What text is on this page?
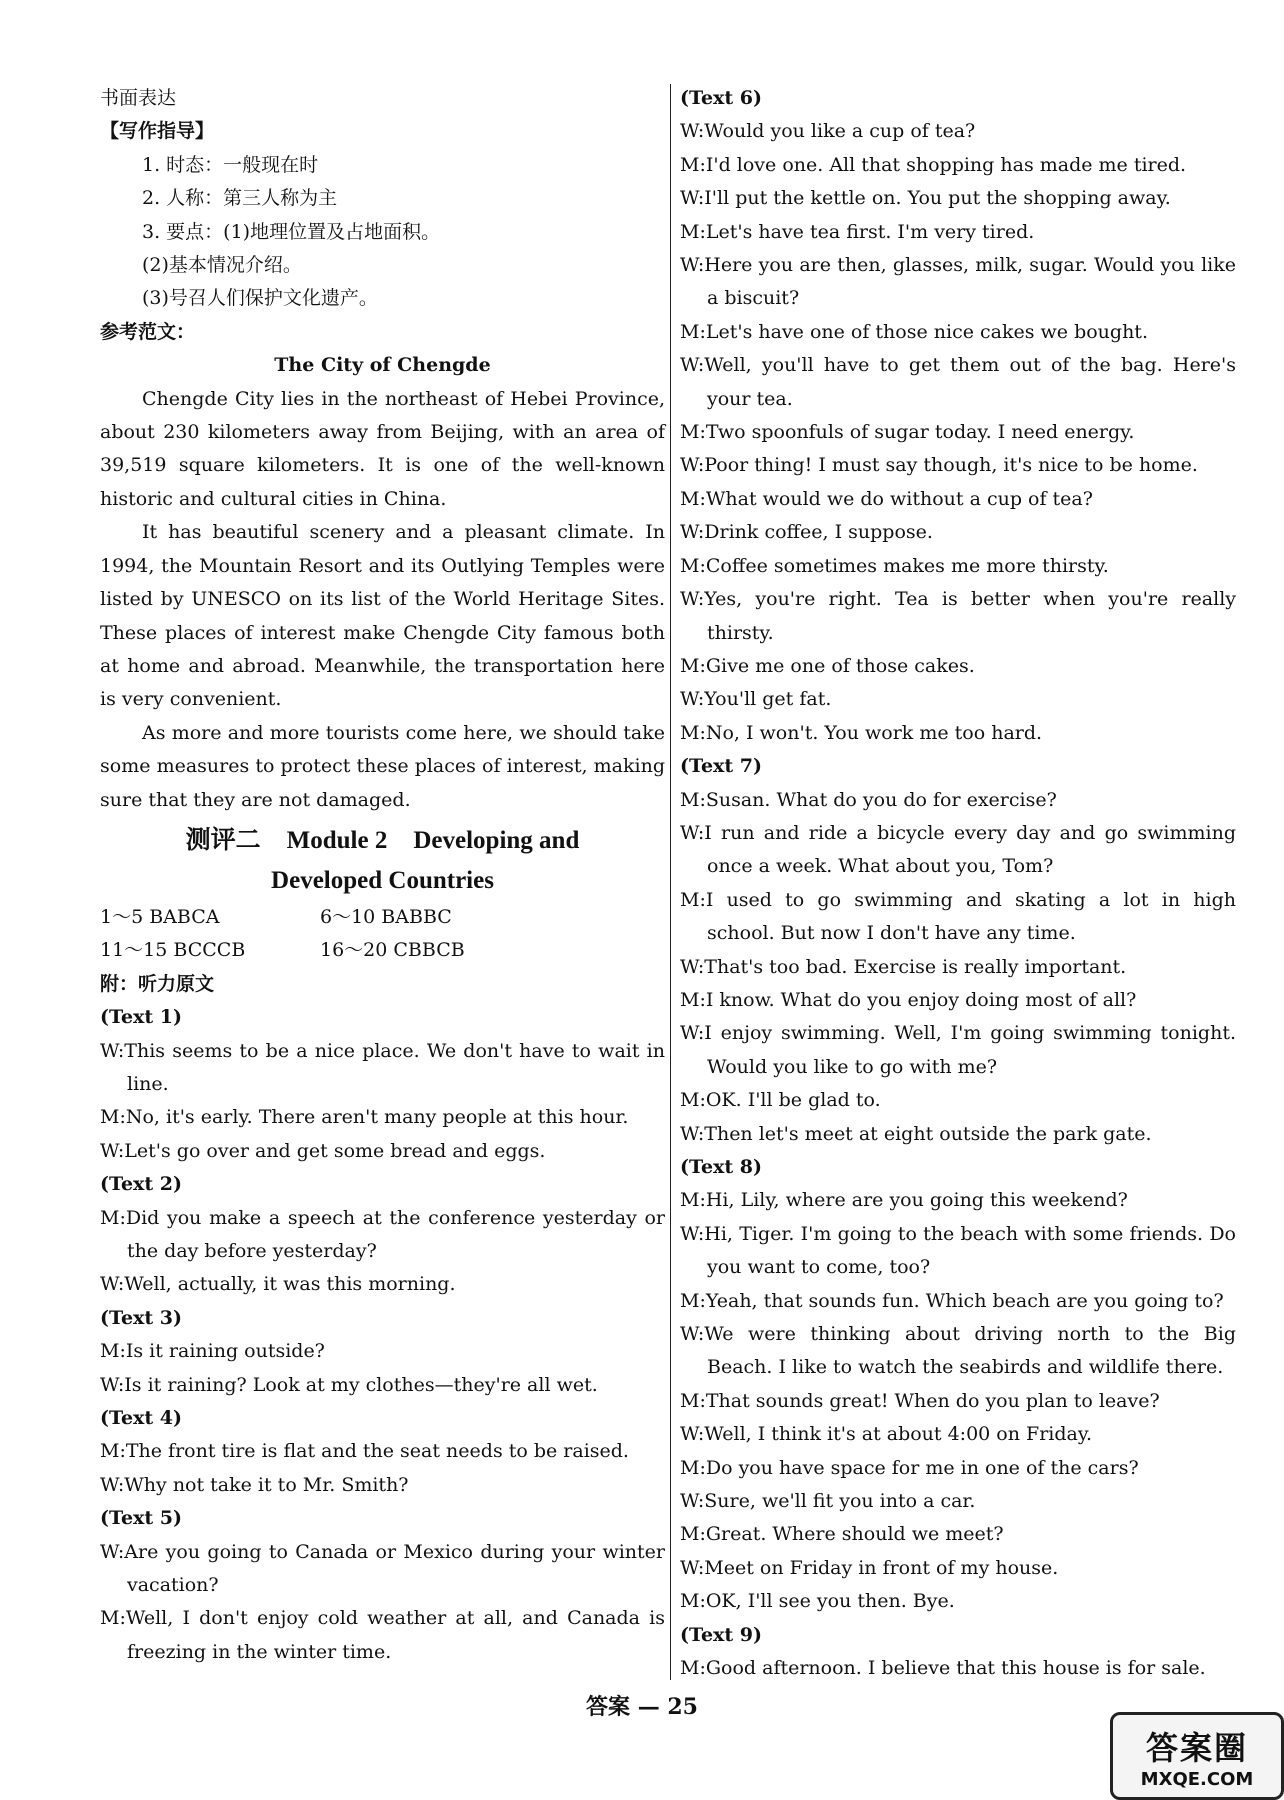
书面表达
【写作指导】
1. 时态：一般现在时
2. 人称：第三人称为主
3. 要点：(1)地理位置及占地面积。
(2)基本情况介绍。
(3)号召人们保护文化遗产。
参考范文：
The City of Chengde

Chengde City lies in the northeast of Hebei Province, about 230 kilometers away from Beijing, with an area of 39,519 square kilometers. It is one of the well-known historic and cultural cities in China.

It has beautiful scenery and a pleasant climate. In 1994, the Mountain Resort and its Outlying Temples were listed by UNESCO on its list of the World Heritage Sites. These places of interest make Chengde City famous both at home and abroad. Meanwhile, the transportation here is very convenient.

As more and more tourists come here, we should take some measures to protect these places of interest, making sure that they are not damaged.

测评二 Module 2 Developing and
Developed Countries
1～5 BABCA	6～10 BABBC
11～15 BCCCB	16～20 CBBCB
附：听力原文
(Text 1)
W:This seems to be a nice place. We don't have to wait in line.
M:No, it's early. There aren't many people at this hour.
W:Let's go over and get some bread and eggs.
(Text 2)
M:Did you make a speech at the conference yesterday or the day before yesterday?
W:Well, actually, it was this morning.
(Text 3)
M:Is it raining outside?
W:Is it raining? Look at my clothes—they're all wet.
(Text 4)
M:The front tire is flat and the seat needs to be raised.
W:Why not take it to Mr. Smith?
(Text 5)
W:Are you going to Canada or Mexico during your winter vacation?
M:Well, I don't enjoy cold weather at all, and Canada is freezing in the winter time.
(Text 6)
W:Would you like a cup of tea?
M:I'd love one. All that shopping has made me tired.
W:I'll put the kettle on. You put the shopping away.
M:Let's have tea first. I'm very tired.
W:Here you are then, glasses, milk, sugar. Would you like a biscuit?
M:Let's have one of those nice cakes we bought.
W:Well, you'll have to get them out of the bag. Here's your tea.
M:Two spoonfuls of sugar today. I need energy.
W:Poor thing! I must say though, it's nice to be home.
M:What would we do without a cup of tea?
W:Drink coffee, I suppose.
M:Coffee sometimes makes me more thirsty.
W:Yes, you're right. Tea is better when you're really thirsty.
M:Give me one of those cakes.
W:You'll get fat.
M:No, I won't. You work me too hard.
(Text 7)
M:Susan. What do you do for exercise?
W:I run and ride a bicycle every day and go swimming once a week. What about you, Tom?
M:I used to go swimming and skating a lot in high school. But now I don't have any time.
W:That's too bad. Exercise is really important.
M:I know. What do you enjoy doing most of all?
W:I enjoy swimming. Well, I'm going swimming tonight. Would you like to go with me?
M:OK. I'll be glad to.
W:Then let's meet at eight outside the park gate.
(Text 8)
M:Hi, Lily, where are you going this weekend?
W:Hi, Tiger. I'm going to the beach with some friends. Do you want to come, too?
M:Yeah, that sounds fun. Which beach are you going to?
W:We were thinking about driving north to the Big Beach. I like to watch the seabirds and wildlife there.
M:That sounds great! When do you plan to leave?
W:Well, I think it's at about 4:00 on Friday.
M:Do you have space for me in one of the cars?
W:Sure, we'll fit you into a car.
M:Great. Where should we meet?
W:Meet on Friday in front of my house.
M:OK, I'll see you then. Bye.
(Text 9)
M:Good afternoon. I believe that this house is for sale.
答案 — 25
答案圈
MXQE.COM
